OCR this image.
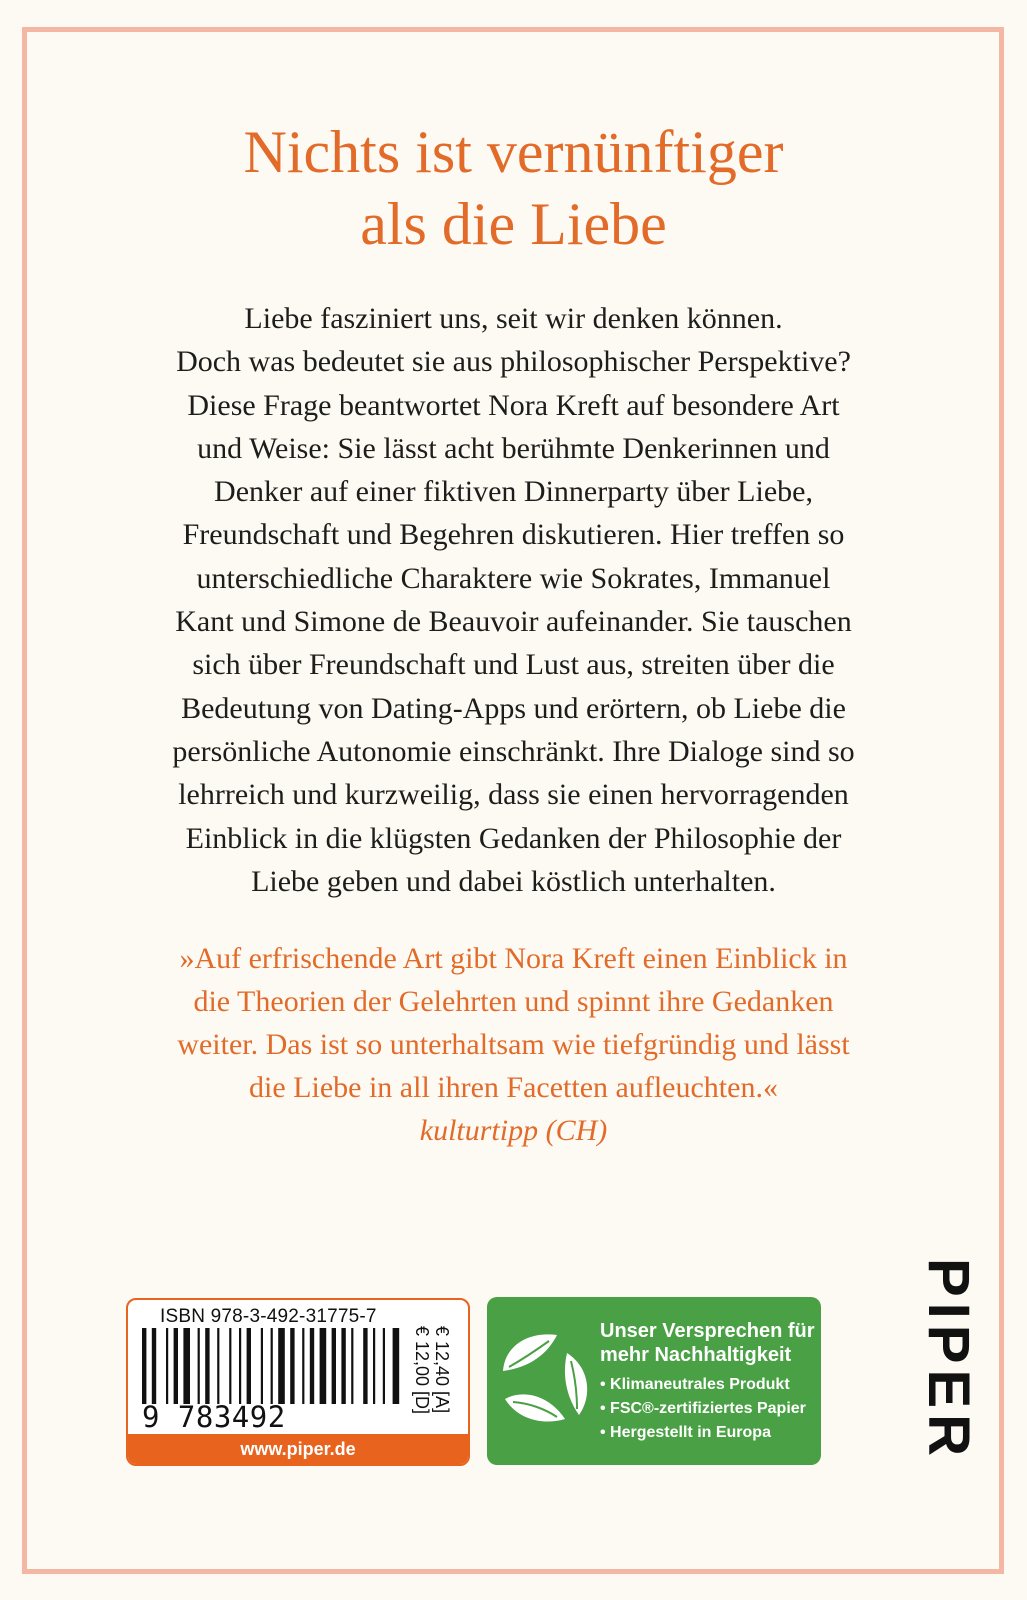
Nichts ist vernünftiger
als die Liebe
Liebe fasziniert uns, seit wir denken können.
Doch was bedeutet sie aus philosophischer Perspektive?
Diese Frage beantwortet Nora Kreft auf besondere Art
und Weise: Sie lässt acht berühmte Denkerinnen und
Denker auf einer fiktiven Dinnerparty über Liebe,
Freundschaft und Begehren diskutieren. Hier treffen so
unterschiedliche Charaktere wie Sokrates, Immanuel
Kant und Simone de Beauvoir aufeinander. Sie tauschen
sich über Freundschaft und Lust aus, streiten über die
Bedeutung von Dating-Apps und erörtern, ob Liebe die
persönliche Autonomie einschränkt. Ihre Dialoge sind so
lehrreich und kurzweilig, dass sie einen hervorragenden
Einblick in die klügsten Gedanken der Philosophie der
Liebe geben und dabei köstlich unterhalten.
»Auf erfrischende Art gibt Nora Kreft einen Einblick in
die Theorien der Gelehrten und spinnt ihre Gedanken
weiter. Das ist so unterhaltsam wie tiefgründig und lässt
die Liebe in all ihren Facetten aufleuchten.«
kulturtipp (CH)
ISBN 978-3-492-31775-7
9 783492
€ 12,00 [D] € 12,40 [A]
www.piper.de
Unser Versprechen für
mehr Nachhaltigkeit
• Klimaneutrales Produkt
• FSC®-zertifiziertes Papier
• Hergestellt in Europa	PIPER
